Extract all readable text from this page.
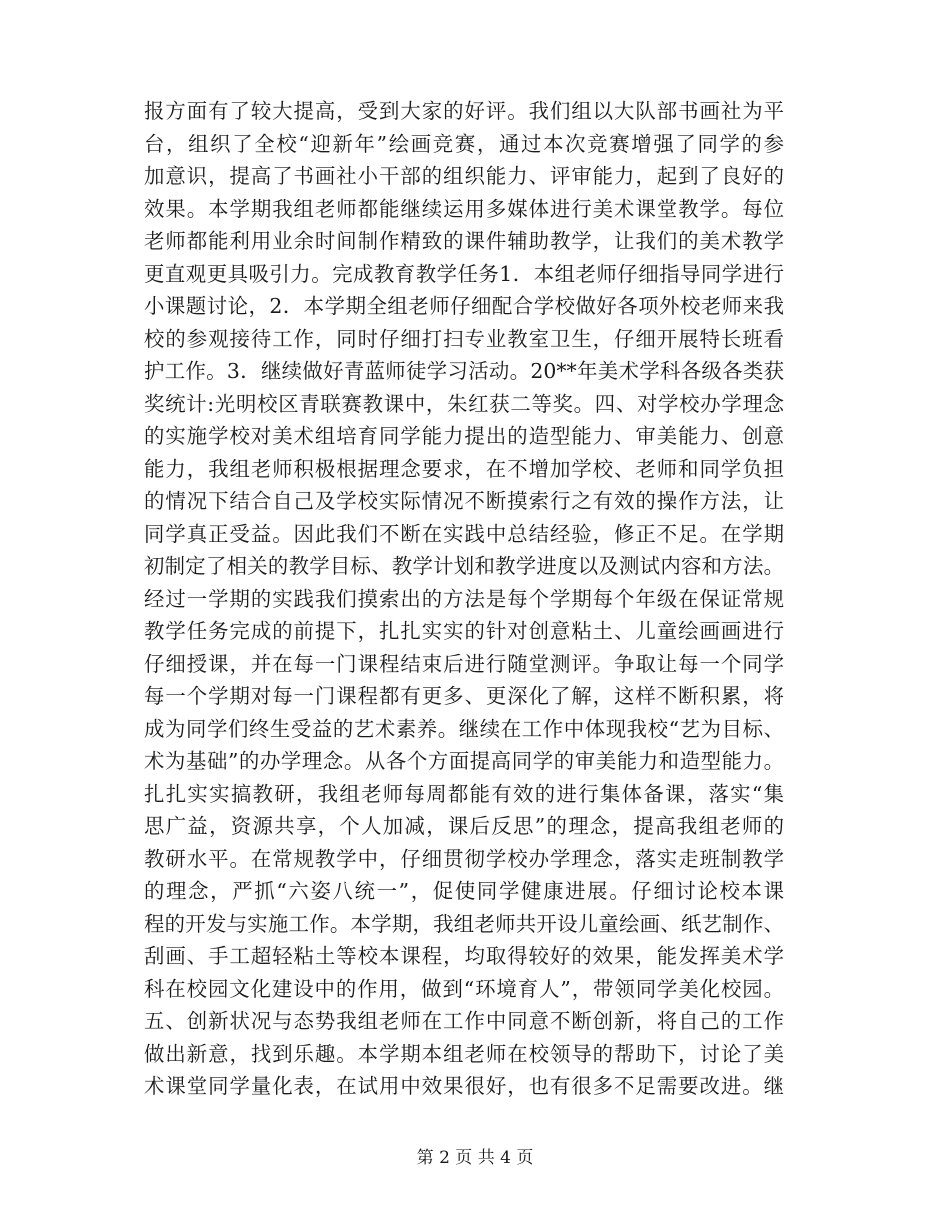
报方面有了较大提高，受到大家的好评。我们组以大队部书画社为平
台，组织了全校“迎新年”绘画竞赛，通过本次竞赛增强了同学的参
加意识，提高了书画社小干部的组织能力、评审能力，起到了良好的
效果。本学期我组老师都能继续运用多媒体进行美术课堂教学。每位
老师都能利用业余时间制作精致的课件辅助教学，让我们的美术教学
更直观更具吸引力。完成教育教学任务1．本组老师仔细指导同学进行
小课题讨论，2．本学期全组老师仔细配合学校做好各项外校老师来我
校的参观接待工作，同时仔细打扫专业教室卫生，仔细开展特长班看
护工作。3．继续做好青蓝师徒学习活动。20**年美术学科各级各类获
奖统计:光明校区青联赛教课中，朱红获二等奖。四、对学校办学理念
的实施学校对美术组培育同学能力提出的造型能力、审美能力、创意
能力，我组老师积极根据理念要求，在不增加学校、老师和同学负担
的情况下结合自己及学校实际情况不断摸索行之有效的操作方法，让
同学真正受益。因此我们不断在实践中总结经验，修正不足。在学期
初制定了相关的教学目标、教学计划和教学进度以及测试内容和方法。
经过一学期的实践我们摸索出的方法是每个学期每个年级在保证常规
教学任务完成的前提下，扎扎实实的针对创意粘土、儿童绘画画进行
仔细授课，并在每一门课程结束后进行随堂测评。争取让每一个同学
每一个学期对每一门课程都有更多、更深化了解，这样不断积累，将
成为同学们终生受益的艺术素养。继续在工作中体现我校“艺为目标、
术为基础”的办学理念。从各个方面提高同学的审美能力和造型能力。
扎扎实实搞教研，我组老师每周都能有效的进行集体备课，落实“集
思广益，资源共享，个人加减，课后反思”的理念，提高我组老师的
教研水平。在常规教学中，仔细贯彻学校办学理念，落实走班制教学
的理念，严抓“六姿八统一”，促使同学健康进展。仔细讨论校本课
程的开发与实施工作。本学期，我组老师共开设儿童绘画、纸艺制作、
刮画、手工超轻粘土等校本课程，均取得较好的效果，能发挥美术学
科在校园文化建设中的作用，做到“环境育人”，带领同学美化校园。
五、创新状况与态势我组老师在工作中同意不断创新，将自己的工作
做出新意，找到乐趣。本学期本组老师在校领导的帮助下，讨论了美
术课堂同学量化表，在试用中效果很好，也有很多不足需要改进。继
第 2 页 共 4 页
